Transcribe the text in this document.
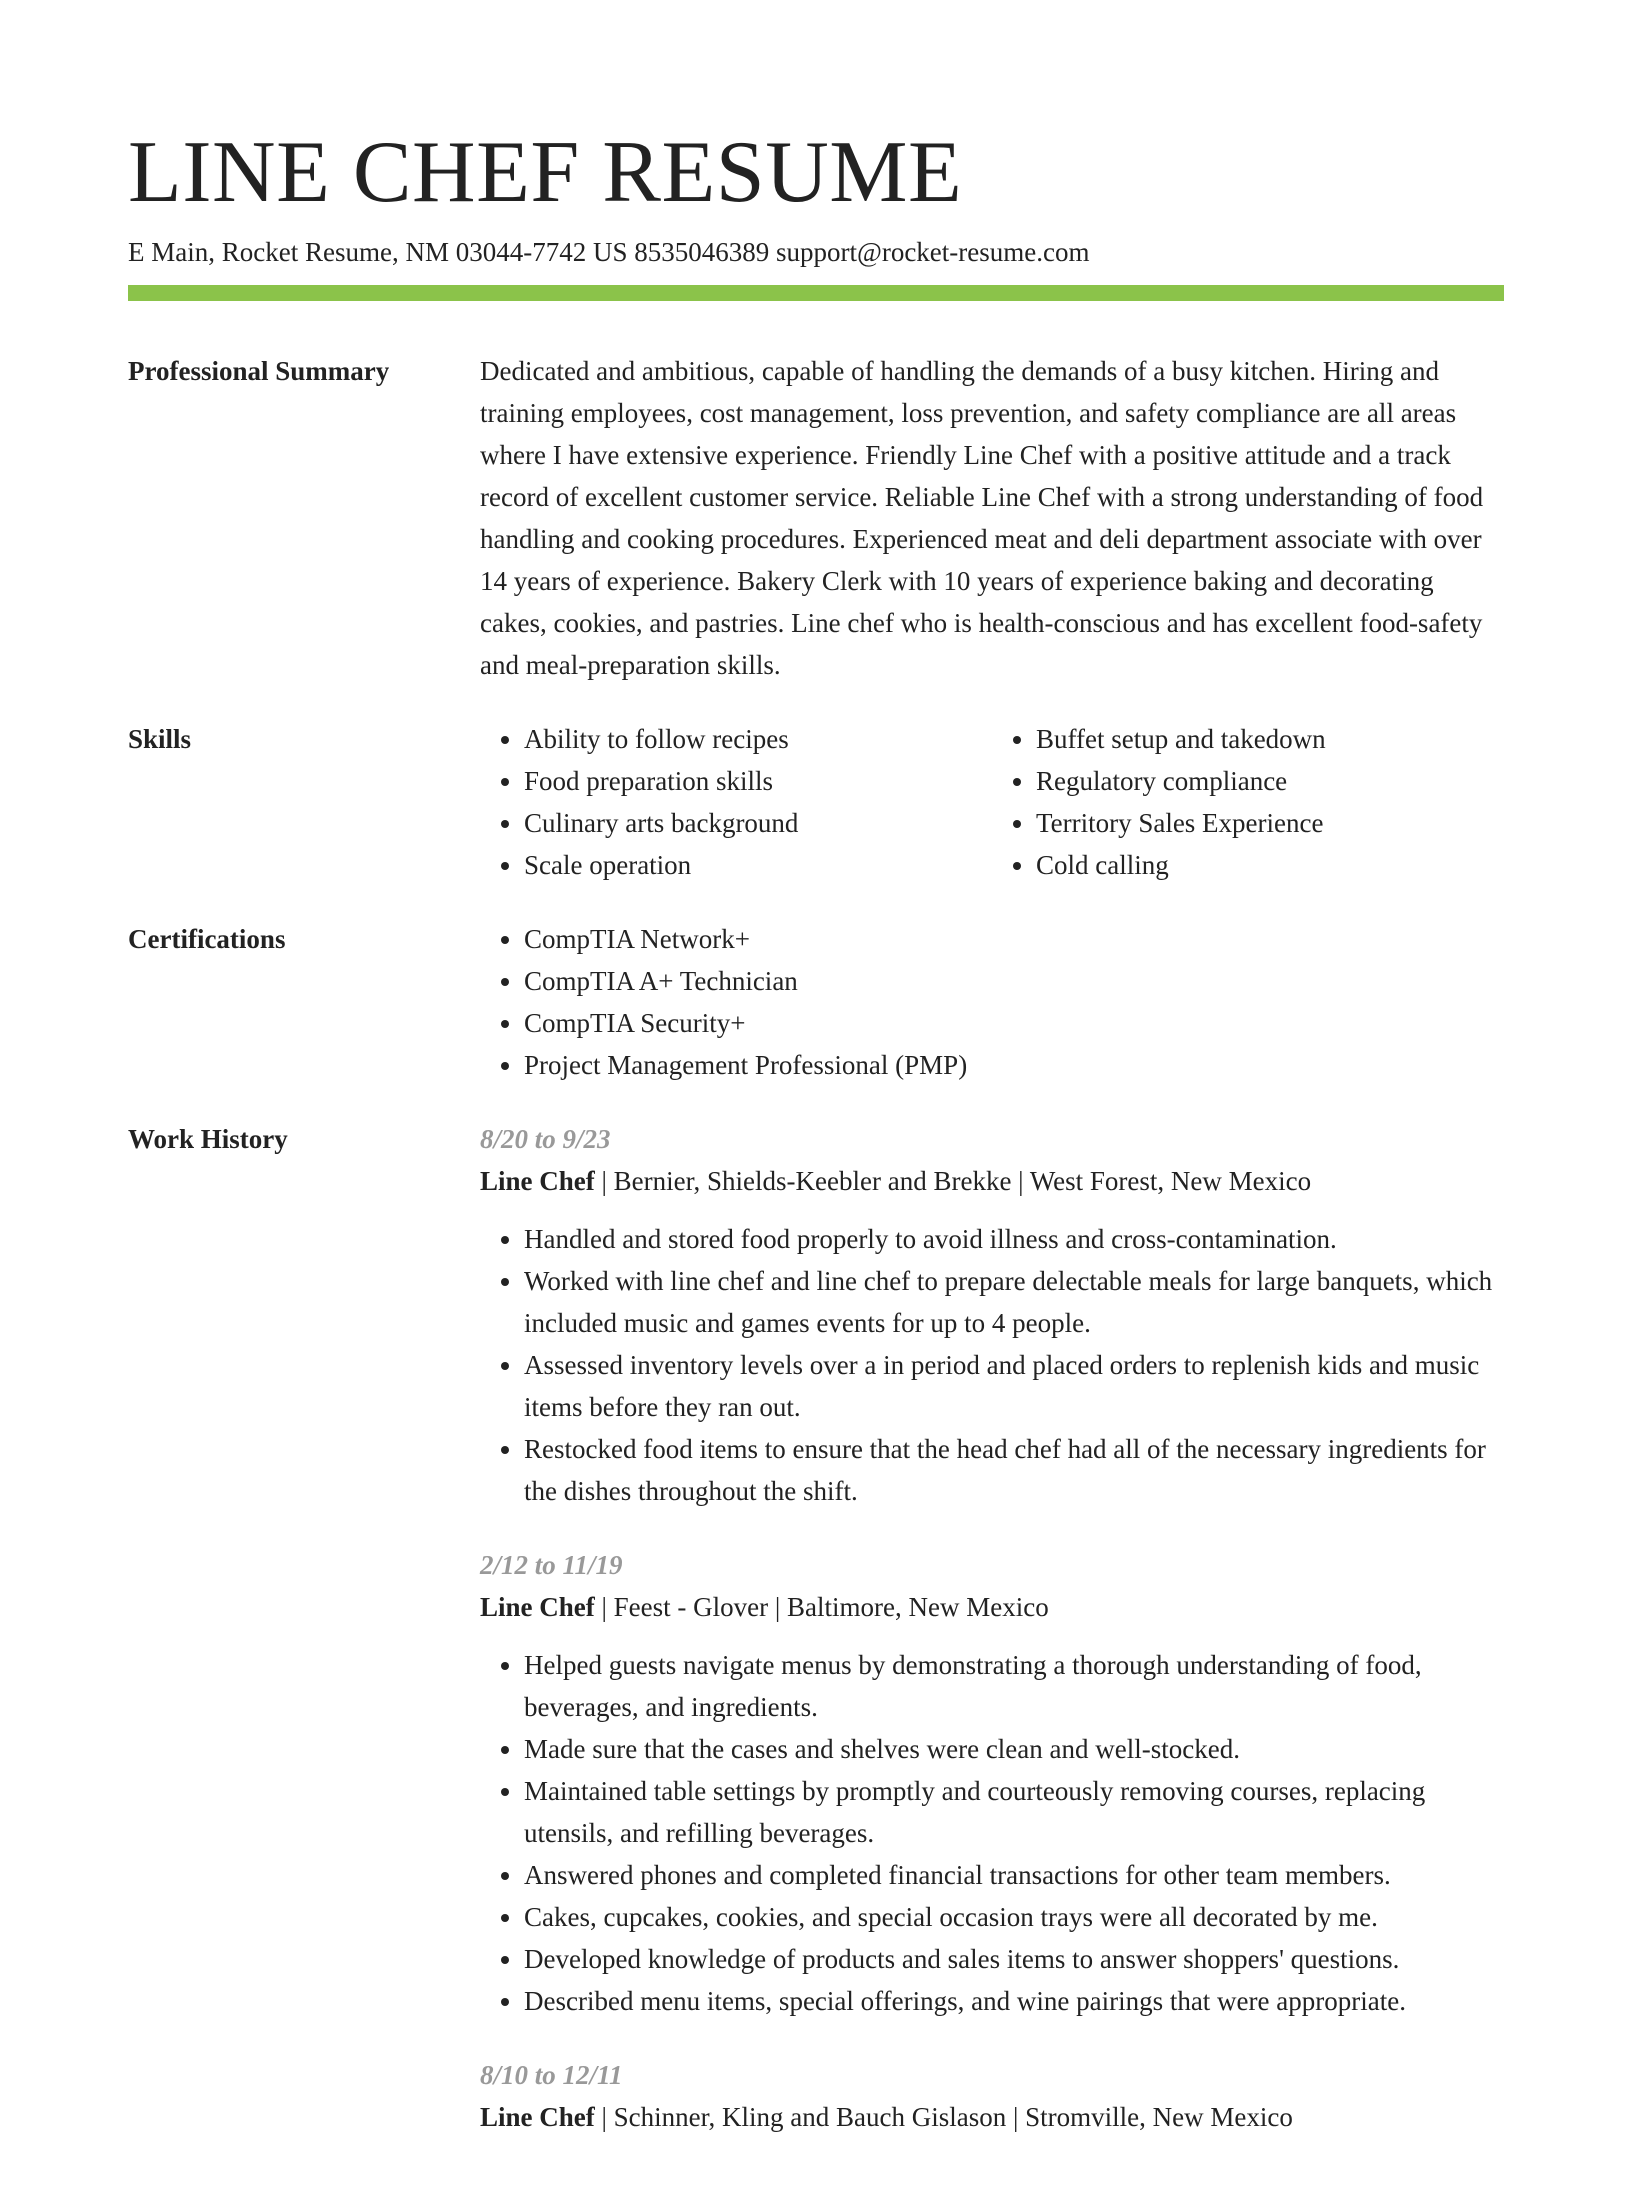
LINE CHEF RESUME
E Main, Rocket Resume, NM 03044-7742 US 8535046389 support@rocket-resume.com
Professional Summary	Dedicated and ambitious, capable of handling the demands of a busy kitchen. Hiring and training employees, cost management, loss prevention, and safety compliance are all areas where I have extensive experience. Friendly Line Chef with a positive attitude and a track record of excellent customer service. Reliable Line Chef with a strong understanding of food handling and cooking procedures. Experienced meat and deli department associate with over 14 years of experience. Bakery Clerk with 10 years of experience baking and decorating cakes, cookies, and pastries. Line chef who is health-conscious and has excellent food-safety and meal-preparation skills.

Skills	• Ability to follow recipes
• Food preparation skills
• Culinary arts background
• Scale operation
• Buffet setup and takedown
• Regulatory compliance
• Territory Sales Experience
• Cold calling
Certifications	• CompTIA Network+
• CompTIA A+ Technician
• CompTIA Security+
• Project Management Professional (PMP)
Work History	8/20 to 9/23
Line Chef | Bernier, Shields-Keebler and Brekke | West Forest, New Mexico
• Handled and stored food properly to avoid illness and cross-contamination.
• Worked with line chef and line chef to prepare delectable meals for large banquets, which included music and games events for up to 4 people.
• Assessed inventory levels over a in period and placed orders to replenish kids and music items before they ran out.
• Restocked food items to ensure that the head chef had all of the necessary ingredients for the dishes throughout the shift.
2/12 to 11/19
Line Chef | Feest - Glover | Baltimore, New Mexico
• Helped guests navigate menus by demonstrating a thorough understanding of food, beverages, and ingredients.
• Made sure that the cases and shelves were clean and well-stocked.
• Maintained table settings by promptly and courteously removing courses, replacing utensils, and refilling beverages.
• Answered phones and completed financial transactions for other team members.
• Cakes, cupcakes, cookies, and special occasion trays were all decorated by me.
• Developed knowledge of products and sales items to answer shoppers' questions.
• Described menu items, special offerings, and wine pairings that were appropriate.
8/10 to 12/11
Line Chef | Schinner, Kling and Bauch Gislason | Stromville, New Mexico
